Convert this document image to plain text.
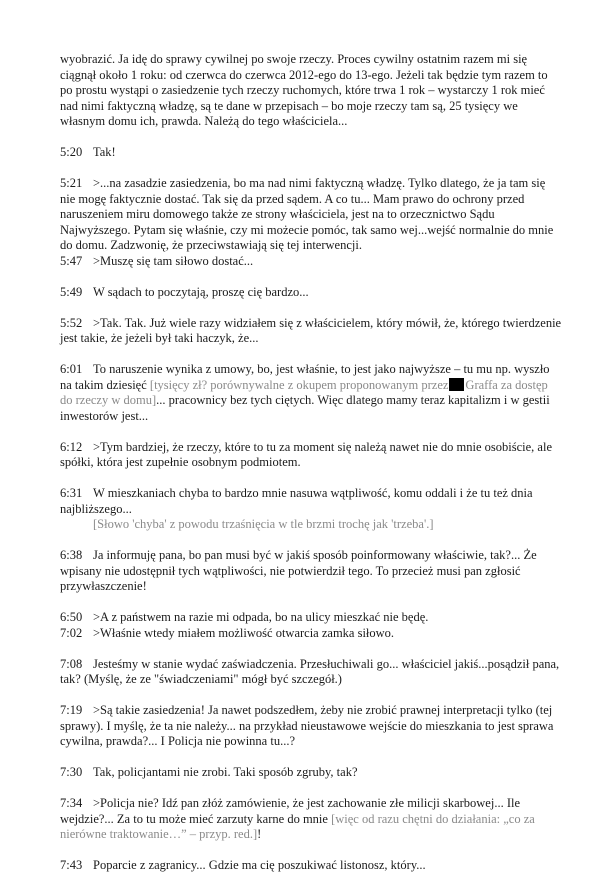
wyobrazić. Ja idę do sprawy cywilnej po swoje rzeczy. Proces cywilny ostatnim razem mi się ciągnął około 1 roku: od czerwca do czerwca 2012-ego do 13-ego. Jeżeli tak będzie tym razem to po prostu wystąpi o zasiedzenie tych rzeczy ruchomych, które trwa 1 rok – wystarczy 1 rok mieć nad nimi faktyczną władzę, są te dane w przepisach – bo moje rzeczy tam są, 25 tysięcy we własnym domu ich, prawda. Należą do tego właściciela...

5:20 Tak!

5:21 >...na zasadzie zasiedzenia, bo ma nad nimi faktyczną władzę. Tylko dlatego, że ja tam się nie mogę faktycznie dostać. Tak się da przed sądem. A co tu... Mam prawo do ochrony przed naruszeniem miru domowego także ze strony właściciela, jest na to orzecznictwo Sądu Najwyższego. Pytam się właśnie, czy mi możecie pomóc, tak samo wej...wejść normalnie do mnie do domu. Zadzwonię, że przeciwstawiają się tej interwencji.

5:47 >Muszę się tam siłowo dostać...

5:49 W sądach to poczytają, proszę cię bardzo...

5:52 >Tak. Tak. Już wiele razy widziałem się z właścicielem, który mówił, że, którego twierdzenie jest takie, że jeżeli był taki haczyk, że...

6:01 To naruszenie wynika z umowy, bo, jest właśnie, to jest jako najwyższe – tu mu np. wyszło na takim dziesięć [tysięcy zł? porównywalne z okupem proponowanym przez Graffa za dostęp do rzeczy w domu]... pracownicy bez tych ciętych. Więc dlatego mamy teraz kapitalizm i w gestii inwestorów jest...

6:12 >Tym bardziej, że rzeczy, które to tu za moment się należą nawet nie do mnie osobiście, ale spółki, która jest zupełnie osobnym podmiotem.

6:31 W mieszkaniach chyba to bardzo mnie nasuwa wątpliwość, komu oddali i że tu też dnia najbliższego...
[Słowo 'chyba' z powodu trzaśnięcia w tle brzmi trochę jak 'trzeba'.]

6:38 Ja informuję pana, bo pan musi być w jakiś sposób poinformowany właściwie, tak?... Że wpisany nie udostępnił tych wątpliwości, nie potwierdził tego. To przecież musi pan zgłosić przywłaszczenie!

6:50 >A z państwem na razie mi odpada, bo na ulicy mieszkać nie będę.

7:02 >Właśnie wtedy miałem możliwość otwarcia zamka siłowo.

7:08 Jesteśmy w stanie wydać zaświadczenia. Przesłuchiwali go... właściciel jakiś...posądził pana, tak? (Myślę, że ze "świadczeniami" mógł być szczegół.)

7:19 >Są takie zasiedzenia! Ja nawet podszedłem, żeby nie zrobić prawnej interpretacji tylko (tej sprawy). I myślę, że ta nie należy... na przykład nieustawowe wejście do mieszkania to jest sprawa cywilna, prawda?... I Policja nie powinna tu...?

7:30 Tak, policjantami nie zrobi. Taki sposób zgruby, tak?

7:34 >Policja nie? Idź pan złóż zamówienie, że jest zachowanie złe milicji skarbowej... Ile wejdzie?... Za to tu może mieć zarzuty karne do mnie [więc od razu chętni do działania: „co za nierówne traktowanie…” – przyp. red.]!

7:43 Poparcie z zagranicy... Gdzie ma cię poszukiwać listonosz, który...
